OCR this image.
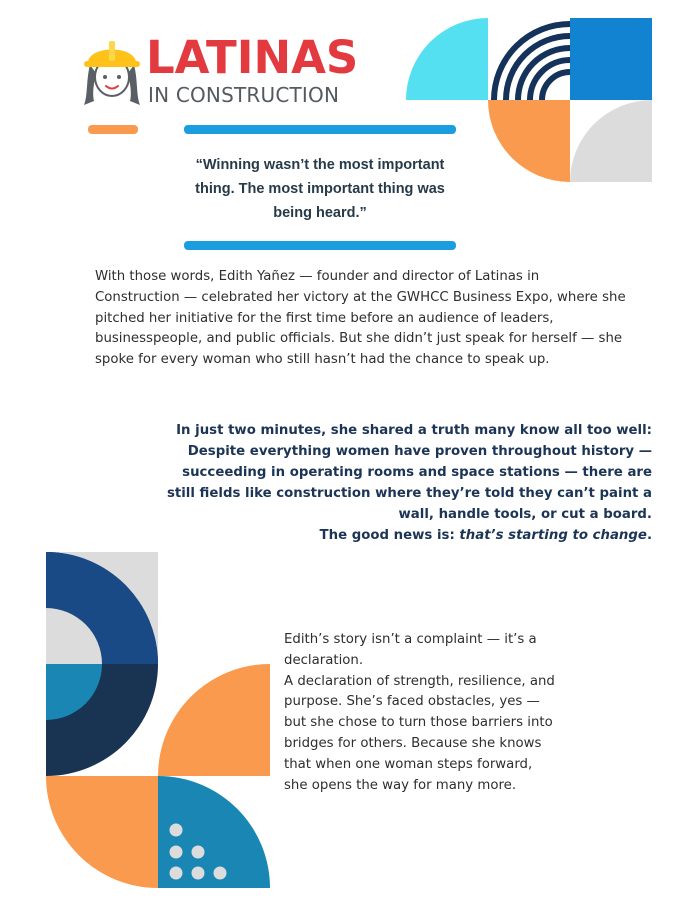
LATINAS
IN CONSTRUCTION
“Winning wasn’t the most important
thing. The most important thing was
being heard.”
With those words, Edith Yañez — founder and director of Latinas in
Construction — celebrated her victory at the GWHCC Business Expo, where she
pitched her initiative for the first time before an audience of leaders,
businesspeople, and public officials. But she didn’t just speak for herself — she
spoke for every woman who still hasn’t had the chance to speak up.
In just two minutes, she shared a truth many know all too well:
Despite everything women have proven throughout history —
succeeding in operating rooms and space stations — there are
still fields like construction where they’re told they can’t paint a
wall, handle tools, or cut a board.
The good news is: that’s starting to change.
Edith’s story isn’t a complaint — it’s a
declaration.
A declaration of strength, resilience, and
purpose. She’s faced obstacles, yes —
but she chose to turn those barriers into
bridges for others. Because she knows
that when one woman steps forward,
she opens the way for many more.
